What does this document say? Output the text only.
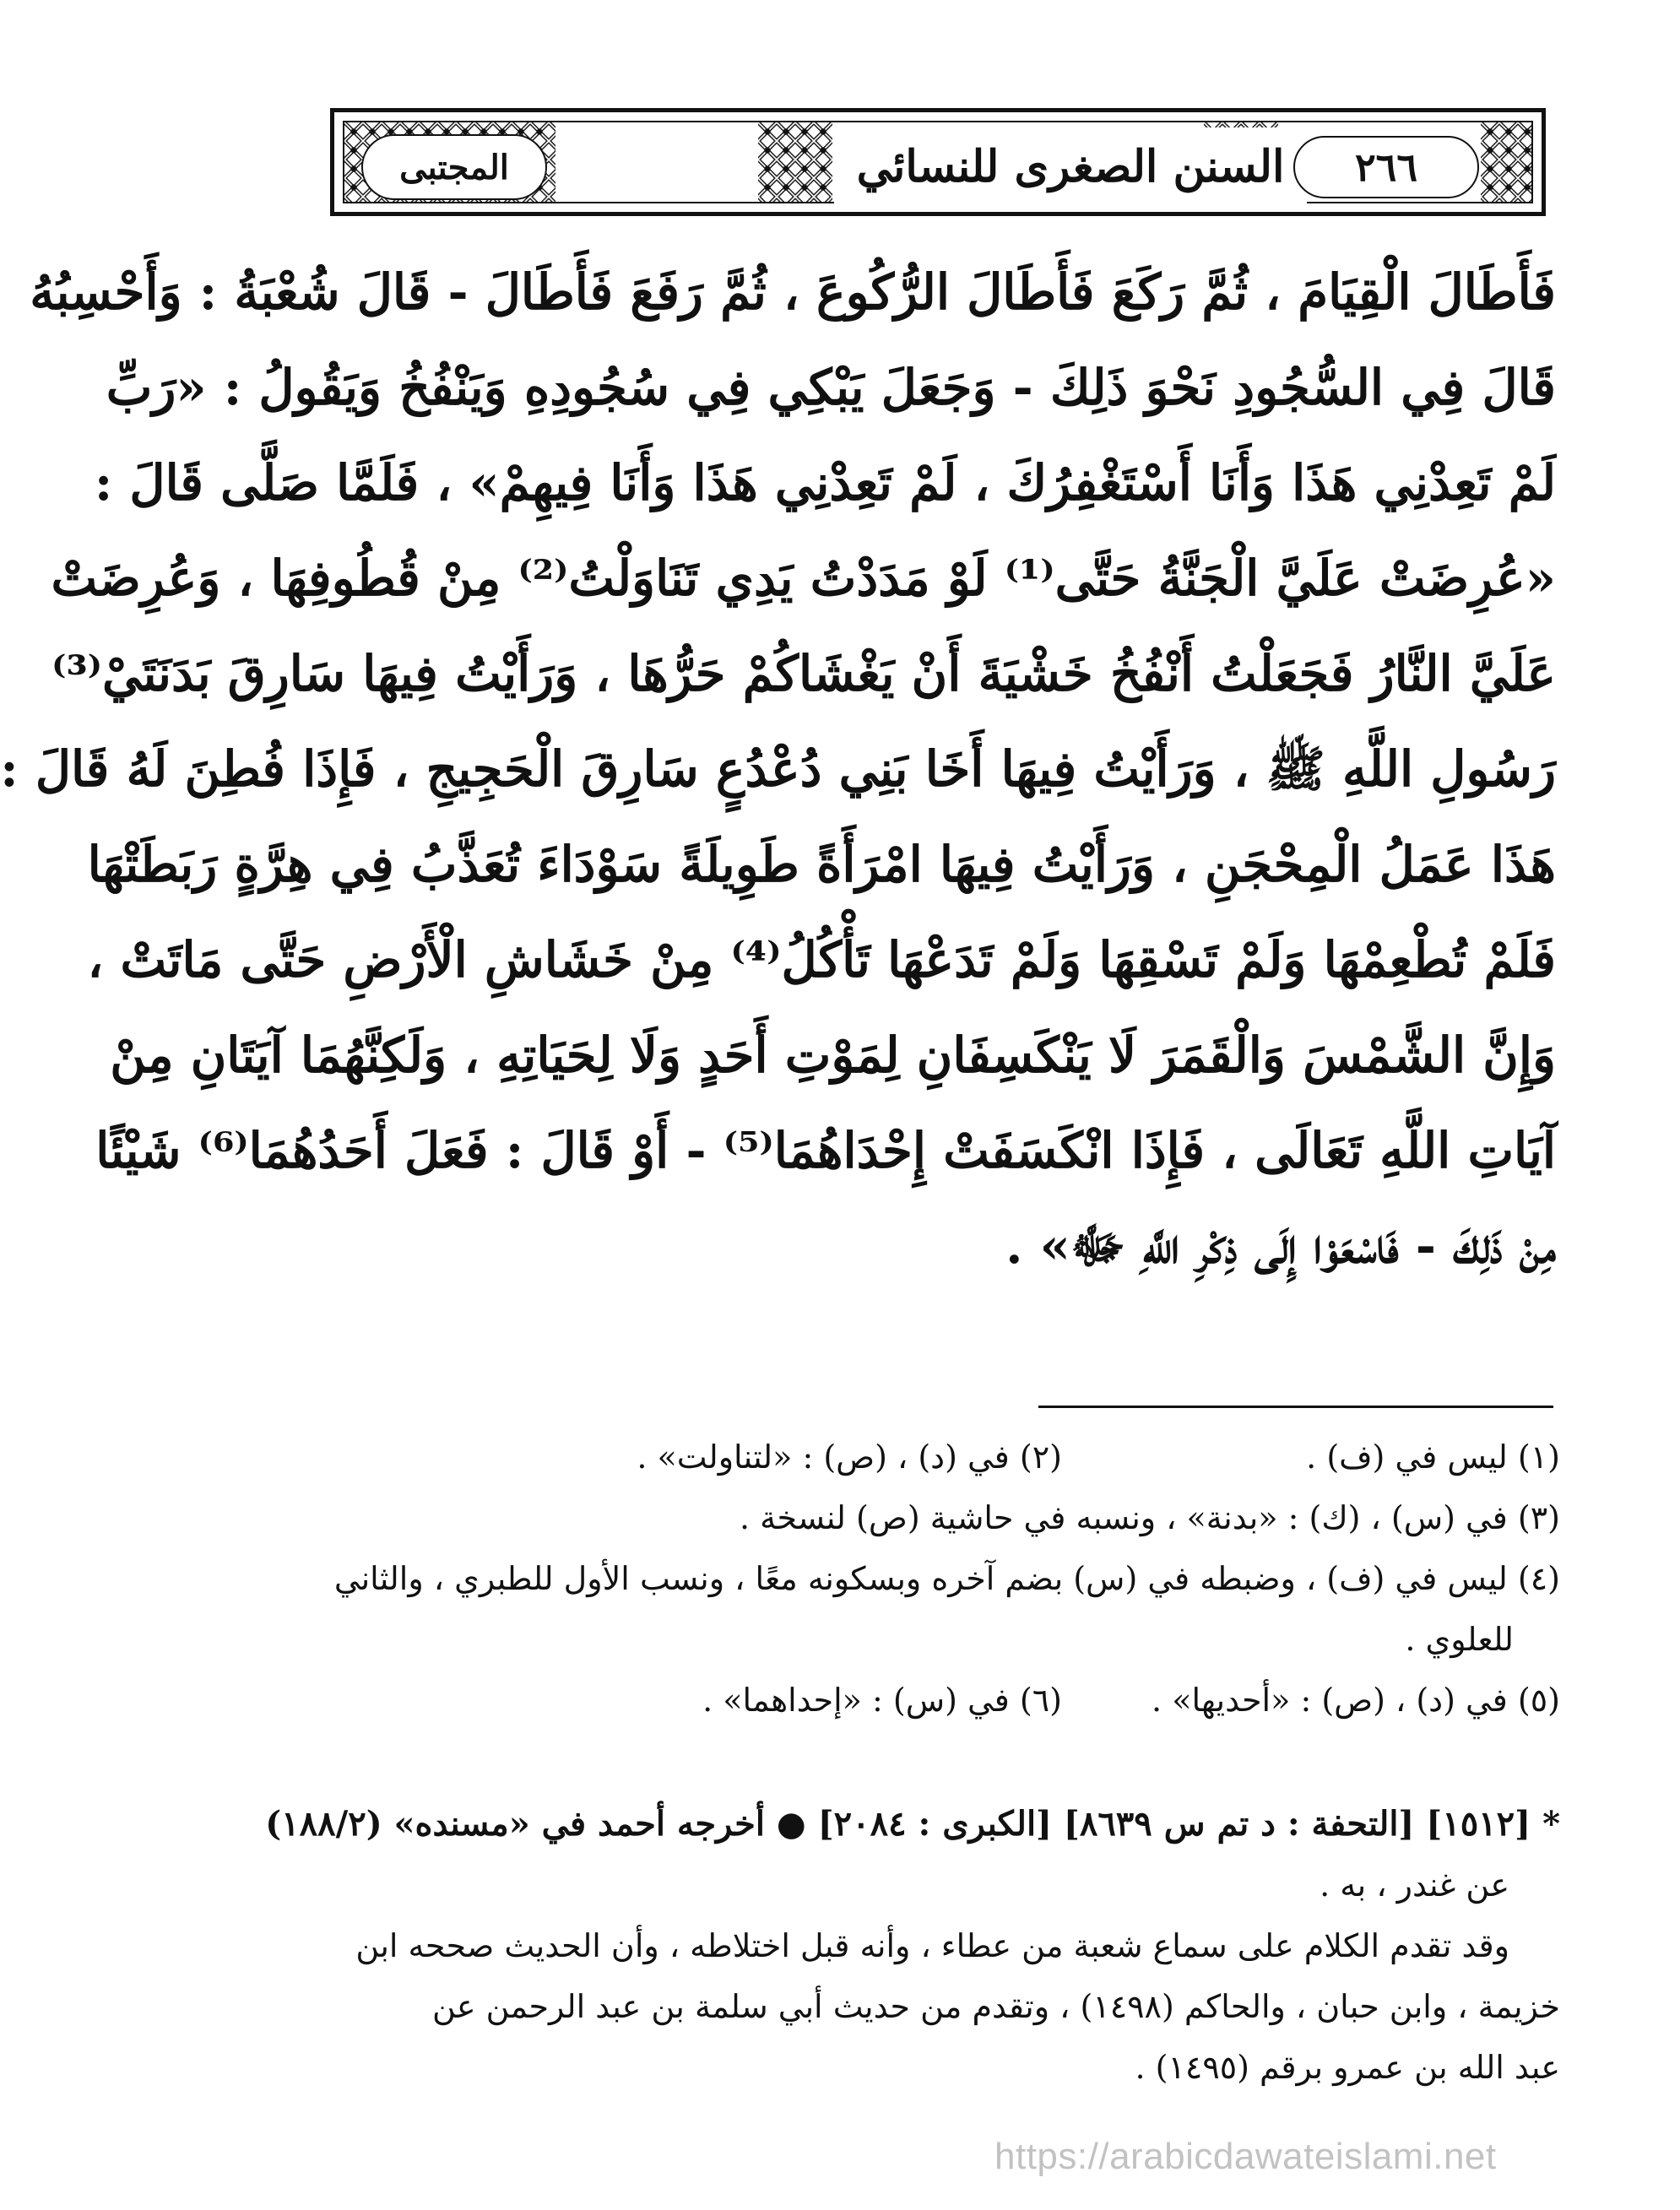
المجتبى	السنن الصغرى للنسائي	٢٦٦
فَأَطَالَ الْقِيَامَ ، ثُمَّ رَكَعَ فَأَطَالَ الرُّكُوعَ ، ثُمَّ رَفَعَ فَأَطَالَ - قَالَ شُعْبَةُ : وَأَحْسِبُهُ
قَالَ فِي السُّجُودِ نَحْوَ ذَلِكَ - وَجَعَلَ يَبْكِي فِي سُجُودِهِ وَيَنْفُخُ وَيَقُولُ : «رَبِّ
لَمْ تَعِدْنِي هَذَا وَأَنَا أَسْتَغْفِرُكَ ، لَمْ تَعِدْنِي هَذَا وَأَنَا فِيهِمْ» ، فَلَمَّا صَلَّى قَالَ :
«عُرِضَتْ عَلَيَّ الْجَنَّةُ حَتَّى⁽¹⁾ لَوْ مَدَدْتُ يَدِي تَنَاوَلْتُ⁽²⁾ مِنْ قُطُوفِهَا ، وَعُرِضَتْ
عَلَيَّ النَّارُ فَجَعَلْتُ أَنْفُخُ خَشْيَةَ أَنْ يَغْشَاكُمْ حَرُّهَا ، وَرَأَيْتُ فِيهَا سَارِقَ بَدَنَتَيْ⁽³⁾
رَسُولِ اللَّهِ ﷺ ، وَرَأَيْتُ فِيهَا أَخَا بَنِي دُعْدُعٍ سَارِقَ الْحَجِيجِ ، فَإِذَا فُطِنَ لَهُ قَالَ :
هَذَا عَمَلُ الْمِحْجَنِ ، وَرَأَيْتُ فِيهَا امْرَأَةً طَوِيلَةً سَوْدَاءَ تُعَذَّبُ فِي هِرَّةٍ رَبَطَتْهَا
فَلَمْ تُطْعِمْهَا وَلَمْ تَسْقِهَا وَلَمْ تَدَعْهَا تَأْكُلُ⁽⁴⁾ مِنْ خَشَاشِ الْأَرْضِ حَتَّى مَاتَتْ ،
وَإِنَّ الشَّمْسَ وَالْقَمَرَ لَا يَنْكَسِفَانِ لِمَوْتِ أَحَدٍ وَلَا لِحَيَاتِهِ ، وَلَكِنَّهُمَا آيَتَانِ مِنْ
آيَاتِ اللَّهِ تَعَالَى ، فَإِذَا انْكَسَفَتْ إِحْدَاهُمَا⁽⁵⁾ - أَوْ قَالَ : فَعَلَ أَحَدُهُمَا⁽⁶⁾ شَيْئًا
مِنْ ذَلِكَ - فَاسْعَوْا إِلَى ذِكْرِ اللَّهِ ﷻ» .
(١) ليس في (ف) .
(٢) في (د) ، (ص) : «لتناولت» .
(٣) في (س) ، (ك) : «بدنة» ، ونسبه في حاشية (ص) لنسخة .
(٤) ليس في (ف) ، وضبطه في (س) بضم آخره وبسكونه معًا ، ونسب الأول للطبري ، والثاني
للعلوي .
(٥) في (د) ، (ص) : «أحديها» .
(٦) في (س) : «إحداهما» .
*[١٥١٢] [التحفة : د تم س ٨٦٣٩] [الكبرى : ٢٠٨٤] ● أخرجه أحمد في «مسنده» (١٨٨/٢)
عن غندر ، به .
وقد تقدم الكلام على سماع شعبة من عطاء ، وأنه قبل اختلاطه ، وأن الحديث صححه ابن
خزيمة ، وابن حبان ، والحاكم (١٤٩٨) ، وتقدم من حديث أبي سلمة بن عبد الرحمن عن
عبد الله بن عمرو برقم (١٤٩٥) .
https://arabicdawateislami.net
